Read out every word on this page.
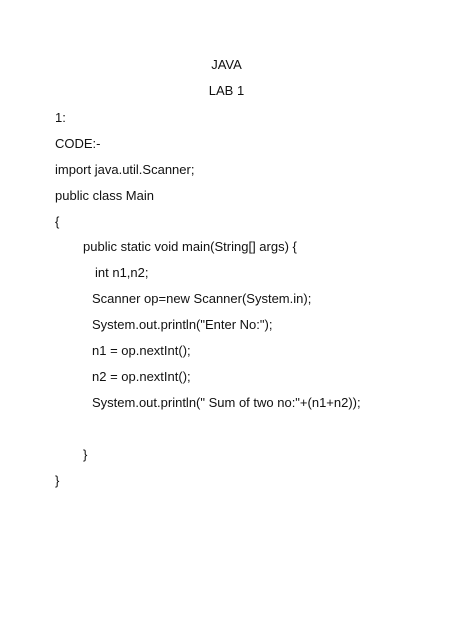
JAVA
LAB 1
1:
CODE:-
import java.util.Scanner;
public class Main
{
public static void main(String[] args) {
int n1,n2;
Scanner op=new Scanner(System.in);
System.out.println("Enter No:");
n1 = op.nextInt();
n2 = op.nextInt();
System.out.println(" Sum of two no:"+(n1+n2));
}
}
